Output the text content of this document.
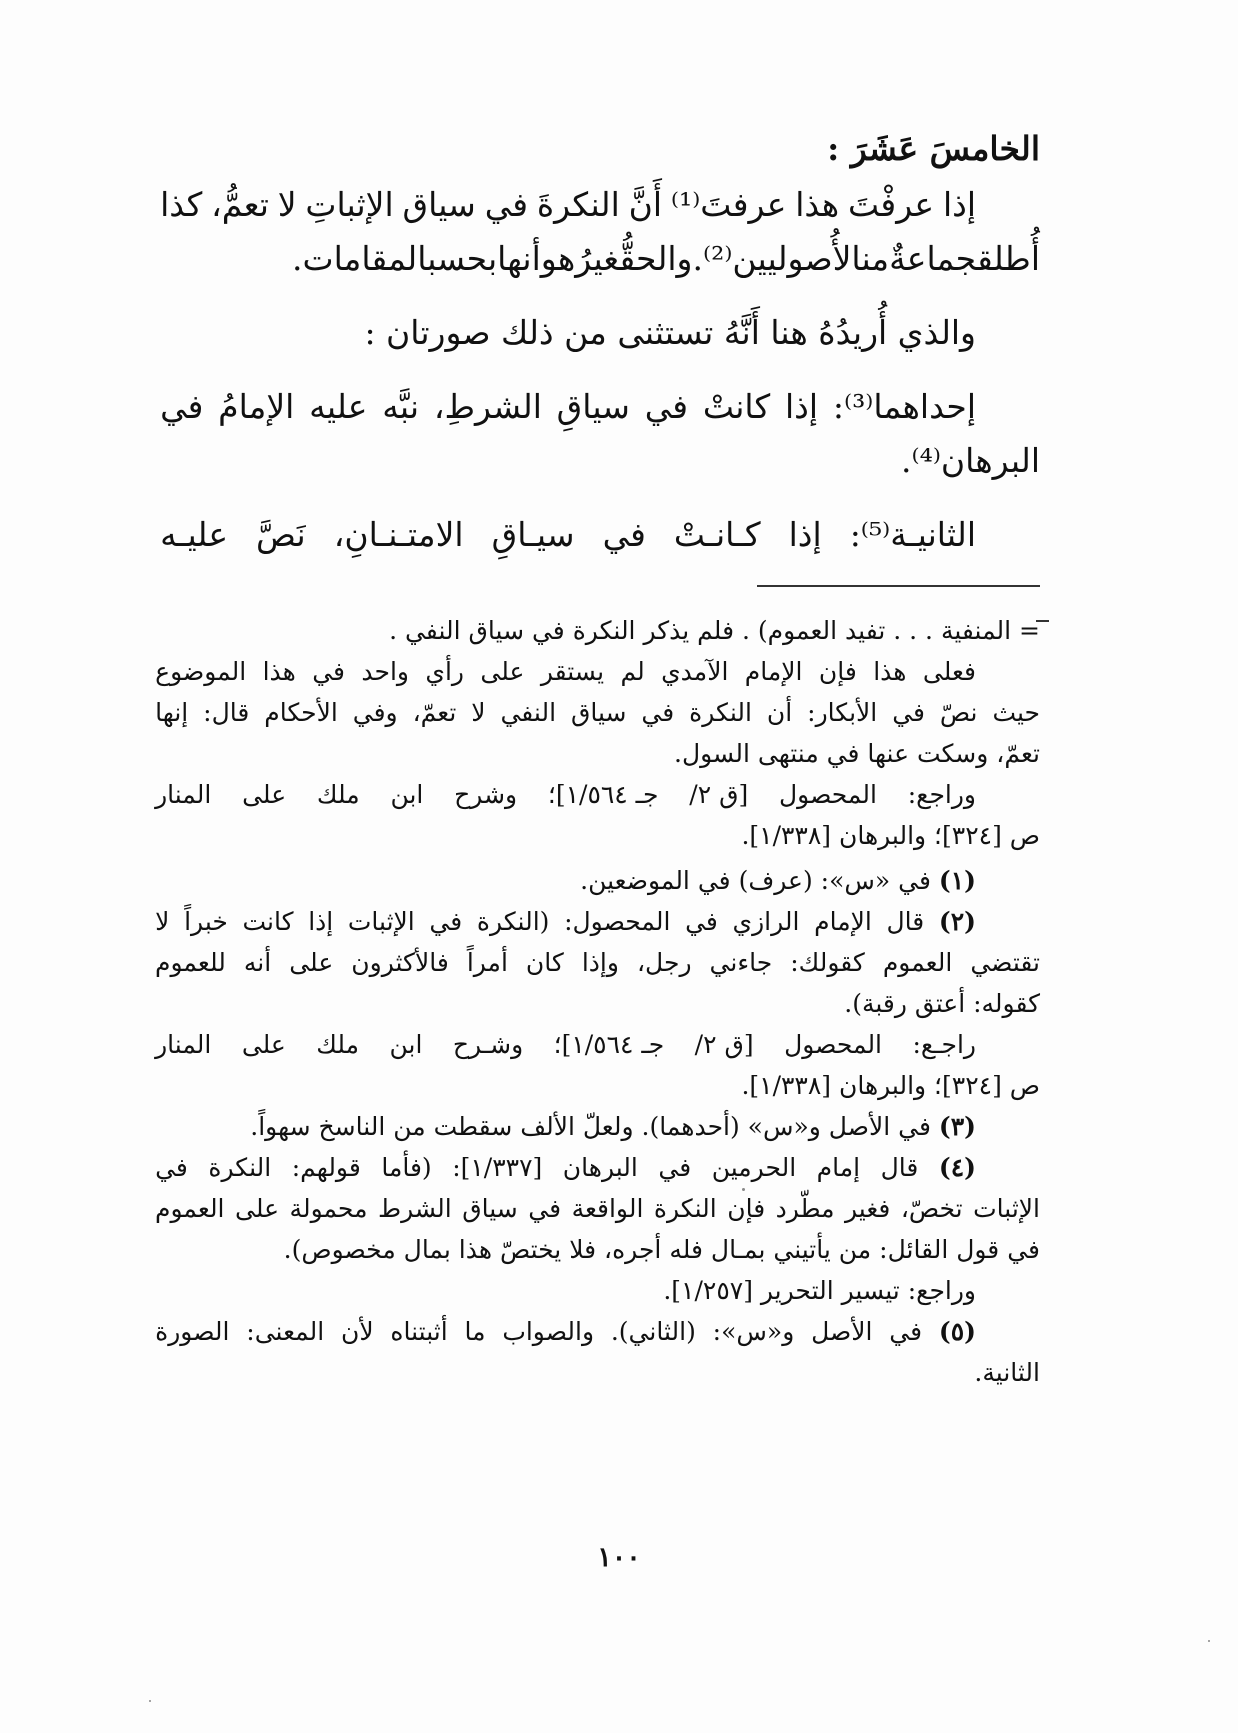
الخامسَ عَشَرَ :
إذا
عرفْتَ
هذا
عرفتَ⁽¹⁾
أَنَّ
النكرةَ
في
سياق
الإثباتِ
لا
تعمُّ،
كذا
أُطلقجماعةٌمنالأُصوليين⁽²⁾.والحقُّغيرُهوأنهابحسبالمقامات.
والذي أُريدُهُ هنا أَنَّهُ تستثنى من ذلك صورتان :
إحداهما⁽³⁾:
إذا
كانتْ
في
سياقِ
الشرطِ،
نبَّه
عليه
الإمامُ
في
البرهان⁽⁴⁾.
الثانيـة⁽⁵⁾:
إذا
كـانـتْ
في
سيـاقِ
الامتـنـانِ،
نَصَّ
عليـه
= المنفية . . . تفيد العموم) . فلم يذكر النكرة في سياق النفي .
فعلى
هذا
فإن
الإمام
الآمدي
لم
يستقر
على
رأي
واحد
في
هذا
الموضوع
حيث
نصّ
في
الأبكار:
أن
النكرة
في
سياق
النفي
لا
تعمّ،
وفي
الأحكام
قال:
إنها
تعمّ، وسكت عنها في منتهى السول.
وراجع:
المحصول
[ق ٢/
جـ ١/٥٦٤]؛
وشرح
ابن
ملك
على
المنار
ص [٣٢٤]؛ والبرهان [١/٣٣٨].
(١) في «س»: (عرف) في الموضعين.
(٢)
قال
الإمام
الرازي
في
المحصول:
(النكرة
في
الإثبات
إذا
كانت
خبراً
لا
تقتضي
العموم
كقولك:
جاءني
رجل،
وإذا
كان
أمراً
فالأكثرون
على
أنه
للعموم
كقوله: أعتق رقبة).
راجـع:
المحصول
[ق ٢/
جـ ١/٥٦٤]؛
وشـرح
ابن
ملك
على
المنار
ص [٣٢٤]؛ والبرهان [١/٣٣٨].
(٣) في الأصل و«س» (أحدهما). ولعلّ الألف سقطت من الناسخ سهواً.
(٤)
قال
إمام
الحرمين
في
البرهان
[١/٣٣٧]:
(فأما
قولهم:
النكرة
في
الإثبات
تخصّ،
فغير
مطّرد
فإن
النكرة
الواقعة
في
سياق
الشرط
محمولة
على
العموم
في قول القائل: من يأتيني بمـال فله أجره، فلا يختصّ هذا بمال مخصوص).
وراجع: تيسير التحرير [١/٢٥٧].
(٥)
في
الأصل
و«س»:
(الثاني).
والصواب
ما
أثبتناه
لأن
المعنى:
الصورة
الثانية.
١٠٠
